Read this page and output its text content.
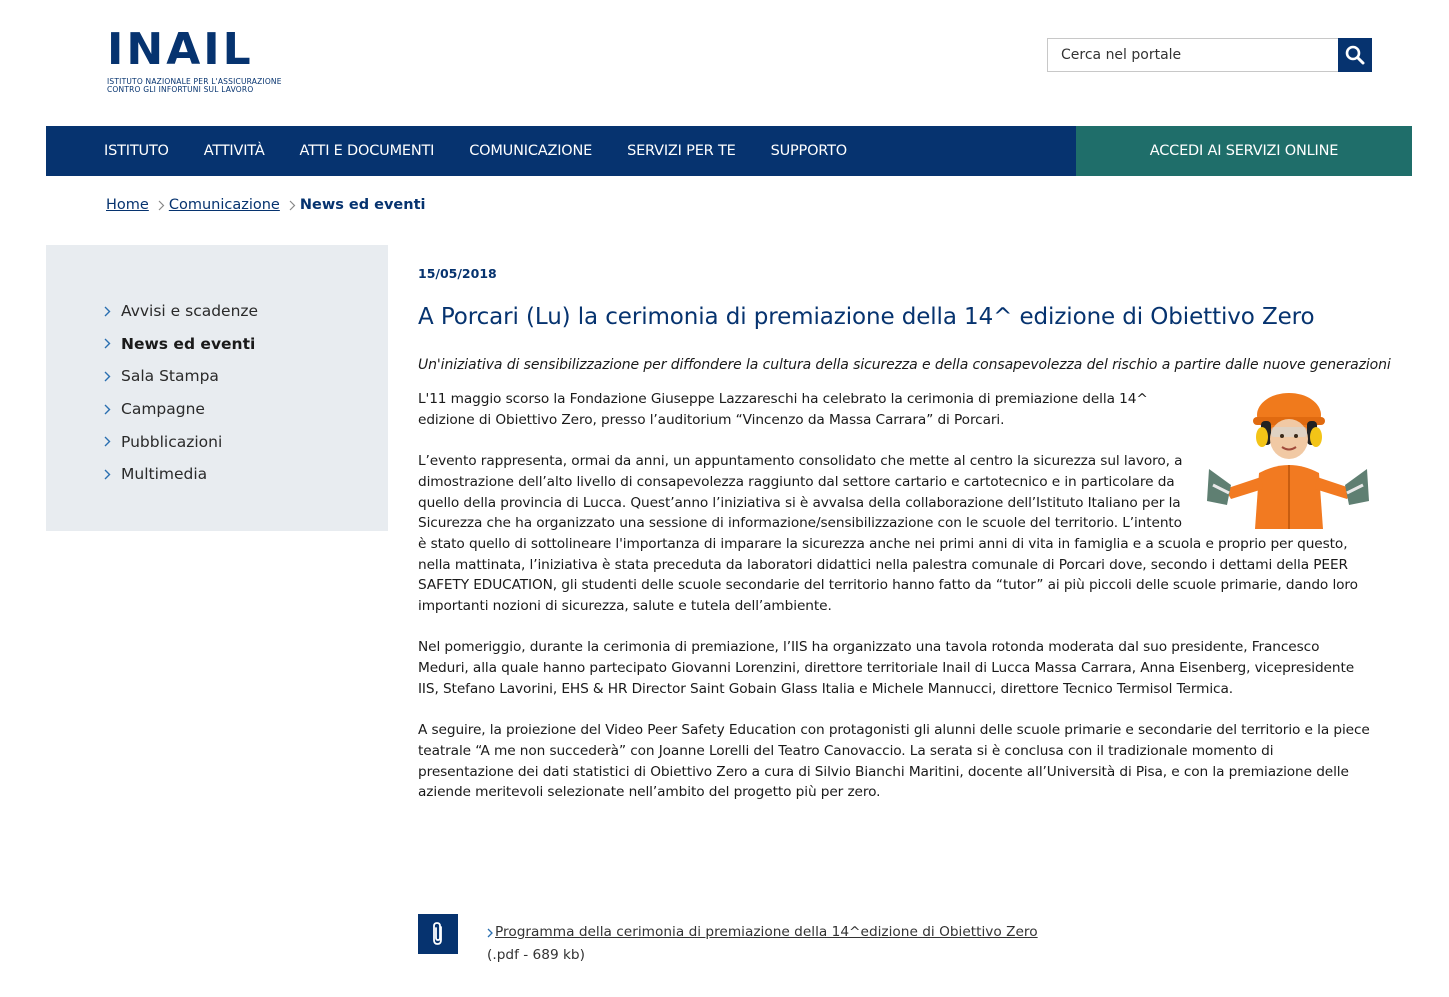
INAIL
ISTITUTO NAZIONALE PER L'ASSICURAZIONE
CONTRO GLI INFORTUNI SUL LAVORO
Cerca nel portale
ISTITUTO ATTIVITÀ ATTI E DOCUMENTI COMUNICAZIONE SERVIZI PER TE SUPPORTO	ACCEDI AI SERVIZI ONLINE
Home Comunicazione News ed eventi
Avvisi e scadenze
News ed eventi
Sala Stampa
Campagne
Pubblicazioni
Multimedia
15/05/2018
A Porcari (Lu) la cerimonia di premiazione della 14^ edizione di Obiettivo Zero
Un'iniziativa di sensibilizzazione per diffondere la cultura della sicurezza e della consapevolezza del rischio a partire dalle nuove generazioni

L'11 maggio scorso la Fondazione Giuseppe Lazzareschi ha celebrato la cerimonia di premiazione della 14^ edizione di Obiettivo Zero, presso l’auditorium “Vincenzo da Massa Carrara” di Porcari.

L’evento rappresenta, ormai da anni, un appuntamento consolidato che mette al centro la sicurezza sul lavoro, a dimostrazione dell’alto livello di consapevolezza raggiunto dal settore cartario e cartotecnico e in particolare da quello della provincia di Lucca. Quest’anno l’iniziativa si è avvalsa della collaborazione dell’Istituto Italiano per la Sicurezza che ha organizzato una sessione di informazione/sensibilizzazione con le scuole del territorio. L’intento è stato quello di sottolineare l'importanza di imparare la sicurezza anche nei primi anni di vita in famiglia e a scuola e proprio per questo, nella mattinata, l’iniziativa è stata preceduta da laboratori didattici nella palestra comunale di Porcari dove, secondo i dettami della PEER SAFETY EDUCATION, gli studenti delle scuole secondarie del territorio hanno fatto da “tutor” ai più piccoli delle scuole primarie, dando loro importanti nozioni di sicurezza, salute e tutela dell’ambiente.

Nel pomeriggio, durante la cerimonia di premiazione, l’IIS ha organizzato una tavola rotonda moderata dal suo presidente, Francesco Meduri, alla quale hanno partecipato Giovanni Lorenzini, direttore territoriale Inail di Lucca Massa Carrara, Anna Eisenberg, vicepresidente IIS, Stefano Lavorini, EHS & HR Director Saint Gobain Glass Italia e Michele Mannucci, direttore Tecnico Termisol Termica.

A seguire, la proiezione del Video Peer Safety Education con protagonisti gli alunni delle scuole primarie e secondarie del territorio e la piece teatrale “A me non succederà” con Joanne Lorelli del Teatro Canovaccio. La serata si è conclusa con il tradizionale momento di presentazione dei dati statistici di Obiettivo Zero a cura di Silvio Bianchi Maritini, docente all’Università di Pisa, e con la premiazione delle aziende meritevoli selezionate nell’ambito del progetto più per zero.

Programma della cerimonia di premiazione della 14^edizione di Obiettivo Zero
(.pdf - 689 kb)
